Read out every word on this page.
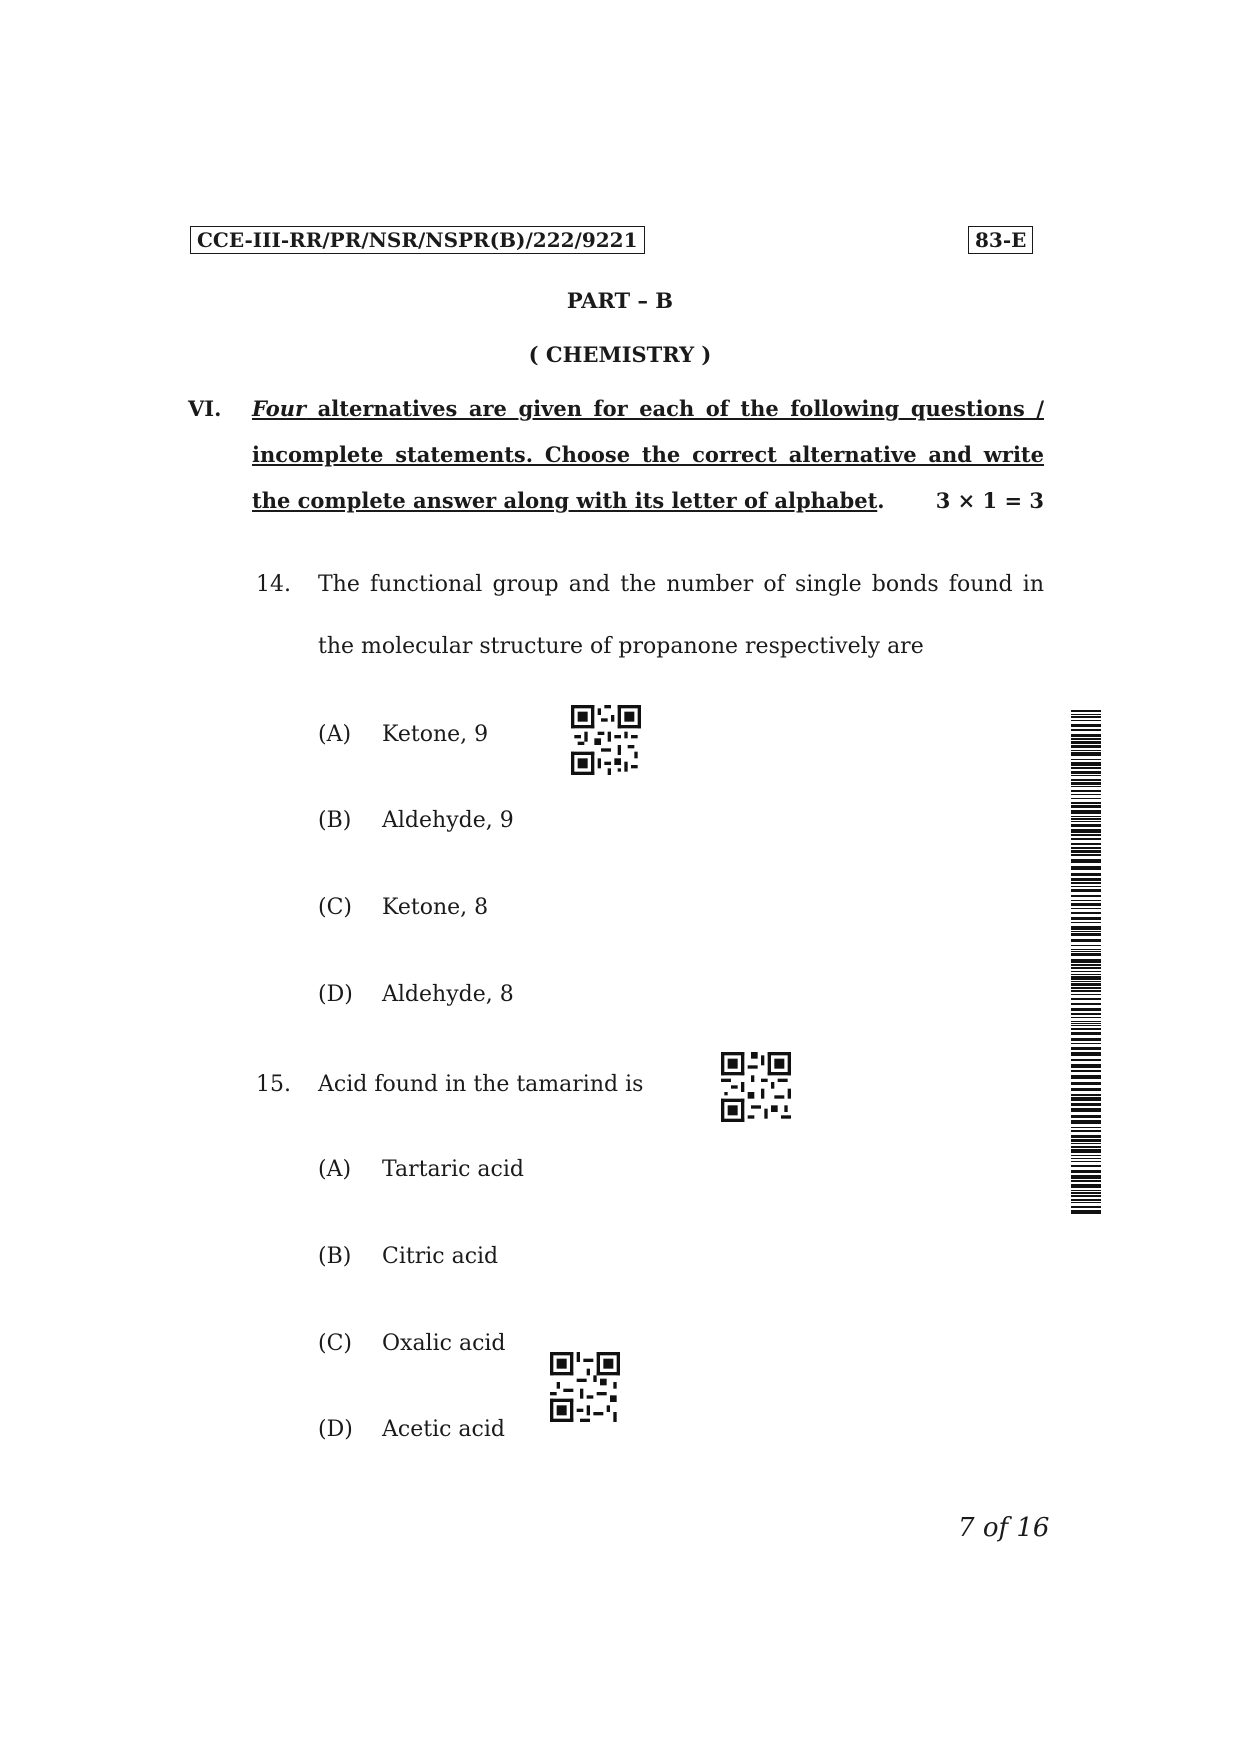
CCE-III-RR/PR/NSR/NSPR(B)/222/9221	83-E
PART – B
( CHEMISTRY )
VI. Four alternatives are given for each of the following questions /
incomplete statements. Choose the correct alternative and write
the complete answer along with its letter of alphabet.	3 × 1 = 3
14. The functional group and the number of single bonds found in
the molecular structure of propanone respectively are
(A) Ketone, 9
(B) Aldehyde, 9
(C) Ketone, 8
(D) Aldehyde, 8
15. Acid found in the tamarind is
(A) Tartaric acid
(B) Citric acid
(C) Oxalic acid
(D) Acetic acid
7 of 16
